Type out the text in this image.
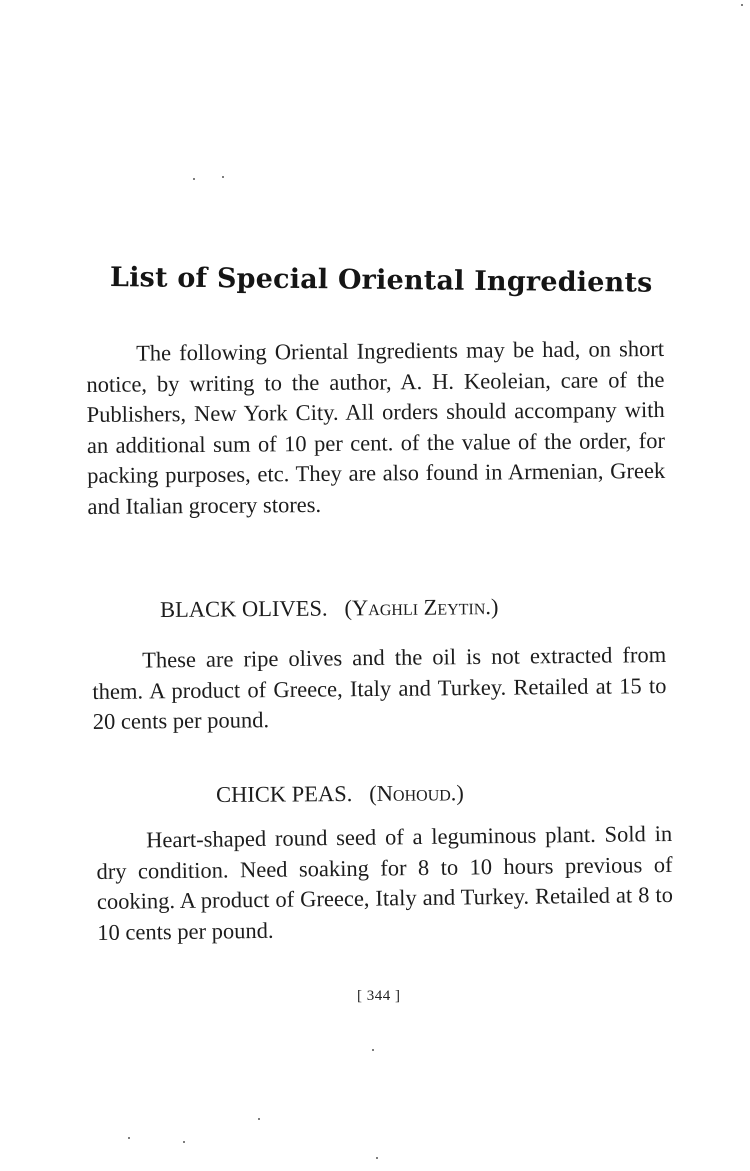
List of Special Oriental Ingredients
The following Oriental Ingredients may be had, on short notice, by writing to the author, A. H. Keoleian, care of the Publishers, New York City. All orders should accompany with an additional sum of 10 per cent. of the value of the order, for packing purposes, etc. They are also found in Armenian, Greek and Italian grocery stores.
BLACK OLIVES. (Yaghli Zeytin.)
These are ripe olives and the oil is not extracted from them. A product of Greece, Italy and Turkey. Retailed at 15 to 20 cents per pound.
CHICK PEAS. (Nohoud.)
Heart-shaped round seed of a leguminous plant. Sold in dry condition. Need soaking for 8 to 10 hours previous of cooking. A product of Greece, Italy and Turkey. Retailed at 8 to 10 cents per pound.
[ 344 ]
